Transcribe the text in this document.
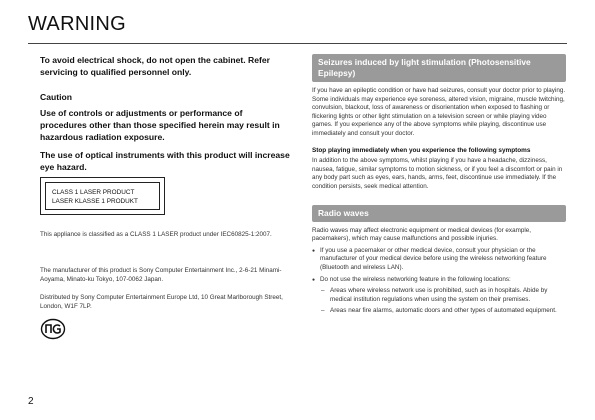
WARNING

To avoid electrical shock, do not open the cabinet. Refer servicing to qualified personnel only.

Caution

Use of controls or adjustments or performance of procedures other than those specified herein may result in hazardous radiation exposure.

The use of optical instruments with this product will increase eye hazard.

CLASS 1 LASER PRODUCT
LASER KLASSE 1 PRODUKT

This appliance is classified as a CLASS 1 LASER product under IEC60825-1:2007.

The manufacturer of this product is Sony Computer Entertainment Inc., 2-6-21 Minami-Aoyama, Minato-ku Tokyo, 107-0062 Japan.

Distributed by Sony Computer Entertainment Europe Ltd, 10 Great Marlborough Street, London, W1F 7LP.

Seizures induced by light stimulation (Photosensitive Epilepsy)

If you have an epileptic condition or have had seizures, consult your doctor prior to playing. Some individuals may experience eye soreness, altered vision, migraine, muscle twitching, convulsion, blackout, loss of awareness or disorientation when exposed to flashing or flickering lights or other light stimulation on a television screen or while playing video games. If you experience any of the above symptoms while playing, discontinue use immediately and consult your doctor.

Stop playing immediately when you experience the following symptoms

In addition to the above symptoms, whilst playing if you have a headache, dizziness, nausea, fatigue, similar symptoms to motion sickness, or if you feel a discomfort or pain in any body part such as eyes, ears, hands, arms, feet, discontinue use immediately. If the condition persists, seek medical attention.

Radio waves

Radio waves may affect electronic equipment or medical devices (for example, pacemakers), which may cause malfunctions and possible injuries.

● If you use a pacemaker or other medical device, consult your physician or the manufacturer of your medical device before using the wireless networking feature (Bluetooth and wireless LAN).

● Do not use the wireless networking feature in the following locations:

– Areas where wireless network use is prohibited, such as in hospitals. Abide by medical institution regulations when using the system on their premises.

– Areas near fire alarms, automatic doors and other types of automated equipment.

2
